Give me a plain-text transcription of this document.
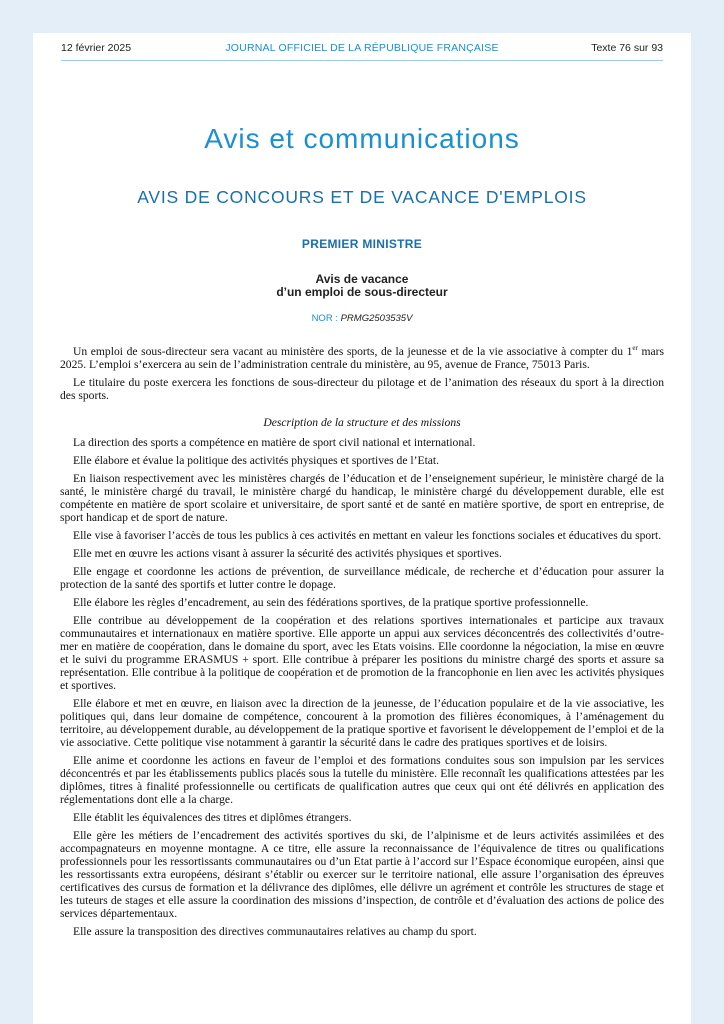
12 février 2025	JOURNAL OFFICIEL DE LA RÉPUBLIQUE FRANÇAISE	Texte 76 sur 93
Avis et communications
AVIS DE CONCOURS ET DE VACANCE D'EMPLOIS
PREMIER MINISTRE
Avis de vacance
d’un emploi de sous-directeur
NOR : PRMG2503535V

Un emploi de sous-directeur sera vacant au ministère des sports, de la jeunesse et de la vie associative à compter du 1er mars 2025. L’emploi s’exercera au sein de l’administration centrale du ministère, au 95, avenue de France, 75013 Paris.

Le titulaire du poste exercera les fonctions de sous-directeur du pilotage et de l’animation des réseaux du sport à la direction des sports.

Description de la structure et des missions

La direction des sports a compétence en matière de sport civil national et international.

Elle élabore et évalue la politique des activités physiques et sportives de l’Etat.

En liaison respectivement avec les ministères chargés de l’éducation et de l’enseignement supérieur, le ministère chargé de la santé, le ministère chargé du travail, le ministère chargé du handicap, le ministère chargé du développement durable, elle est compétente en matière de sport scolaire et universitaire, de sport santé et de santé en matière sportive, de sport en entreprise, de sport handicap et de sport de nature.

Elle vise à favoriser l’accès de tous les publics à ces activités en mettant en valeur les fonctions sociales et éducatives du sport.

Elle met en œuvre les actions visant à assurer la sécurité des activités physiques et sportives.

Elle engage et coordonne les actions de prévention, de surveillance médicale, de recherche et d’éducation pour assurer la protection de la santé des sportifs et lutter contre le dopage.

Elle élabore les règles d’encadrement, au sein des fédérations sportives, de la pratique sportive professionnelle.

Elle contribue au développement de la coopération et des relations sportives internationales et participe aux travaux communautaires et internationaux en matière sportive. Elle apporte un appui aux services déconcentrés des collectivités d’outre-mer en matière de coopération, dans le domaine du sport, avec les Etats voisins. Elle coordonne la négociation, la mise en œuvre et le suivi du programme ERASMUS + sport. Elle contribue à préparer les positions du ministre chargé des sports et assure sa représentation. Elle contribue à la politique de coopération et de promotion de la francophonie en lien avec les activités physiques et sportives.

Elle élabore et met en œuvre, en liaison avec la direction de la jeunesse, de l’éducation populaire et de la vie associative, les politiques qui, dans leur domaine de compétence, concourent à la promotion des filières économiques, à l’aménagement du territoire, au développement durable, au développement de la pratique sportive et favorisent le développement de l’emploi et de la vie associative. Cette politique vise notamment à garantir la sécurité dans le cadre des pratiques sportives et de loisirs.

Elle anime et coordonne les actions en faveur de l’emploi et des formations conduites sous son impulsion par les services déconcentrés et par les établissements publics placés sous la tutelle du ministère. Elle reconnaît les qualifications attestées par les diplômes, titres à finalité professionnelle ou certificats de qualification autres que ceux qui ont été délivrés en application des réglementations dont elle a la charge.

Elle établit les équivalences des titres et diplômes étrangers.

Elle gère les métiers de l’encadrement des activités sportives du ski, de l’alpinisme et de leurs activités assimilées et des accompagnateurs en moyenne montagne. A ce titre, elle assure la reconnaissance de l’équivalence de titres ou qualifications professionnels pour les ressortissants communautaires ou d’un Etat partie à l’accord sur l’Espace économique européen, ainsi que les ressortissants extra européens, désirant s’établir ou exercer sur le territoire national, elle assure l’organisation des épreuves certificatives des cursus de formation et la délivrance des diplômes, elle délivre un agrément et contrôle les structures de stage et les tuteurs de stages et elle assure la coordination des missions d’inspection, de contrôle et d’évaluation des actions de police des services départementaux.

Elle assure la transposition des directives communautaires relatives au champ du sport.
